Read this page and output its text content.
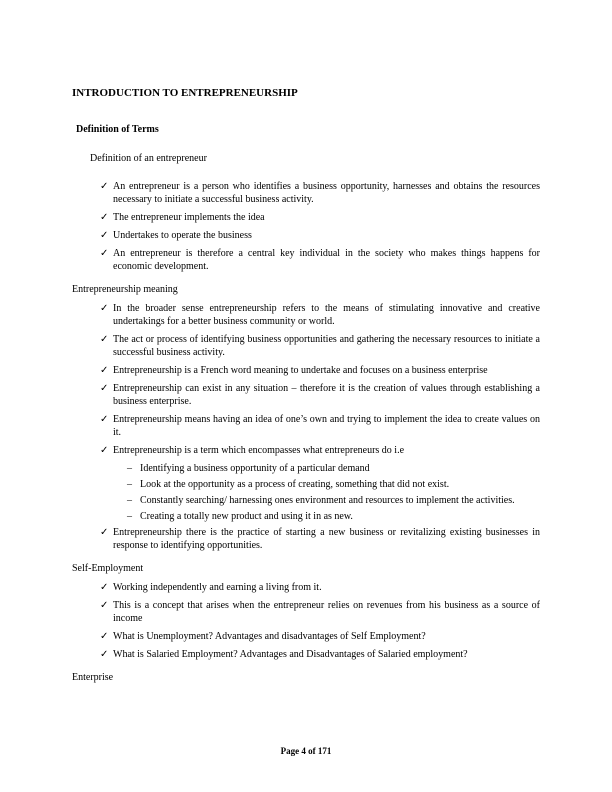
INTRODUCTION TO ENTREPRENEURSHIP
Definition of Terms
Definition of an entrepreneur
✓ An entrepreneur is a person who identifies a business opportunity, harnesses and obtains the resources necessary to initiate a successful business activity.
✓ The entrepreneur implements the idea
✓ Undertakes to operate the business
✓ An entrepreneur is therefore a central key individual in the society who makes things happens for economic development.
Entrepreneurship meaning
✓ In the broader sense entrepreneurship refers to the means of stimulating innovative and creative undertakings for a better business community or world.
✓ The act or process of identifying business opportunities and gathering the necessary resources to initiate a successful business activity.
✓ Entrepreneurship is a French word meaning to undertake and focuses on a business enterprise
✓ Entrepreneurship can exist in any situation – therefore it is the creation of values through establishing a business enterprise.
✓ Entrepreneurship means having an idea of one’s own and trying to implement the idea to create values on it.
✓ Entrepreneurship is a term which encompasses what entrepreneurs do i.e
– Identifying a business opportunity of a particular demand
– Look at the opportunity as a process of creating, something that did not exist.
– Constantly searching/ harnessing ones environment and resources to implement the activities.
– Creating a totally new product and using it in as new.
✓ Entrepreneurship there is the practice of starting a new business or revitalizing existing businesses in response to identifying opportunities.
Self-Employment
✓ Working independently and earning a living from it.
✓ This is a concept that arises when the entrepreneur relies on revenues from his business as a source of income
✓ What is Unemployment? Advantages and disadvantages of Self Employment?
✓ What is Salaried Employment? Advantages and Disadvantages of Salaried employment?
Enterprise
Page 4 of 171
